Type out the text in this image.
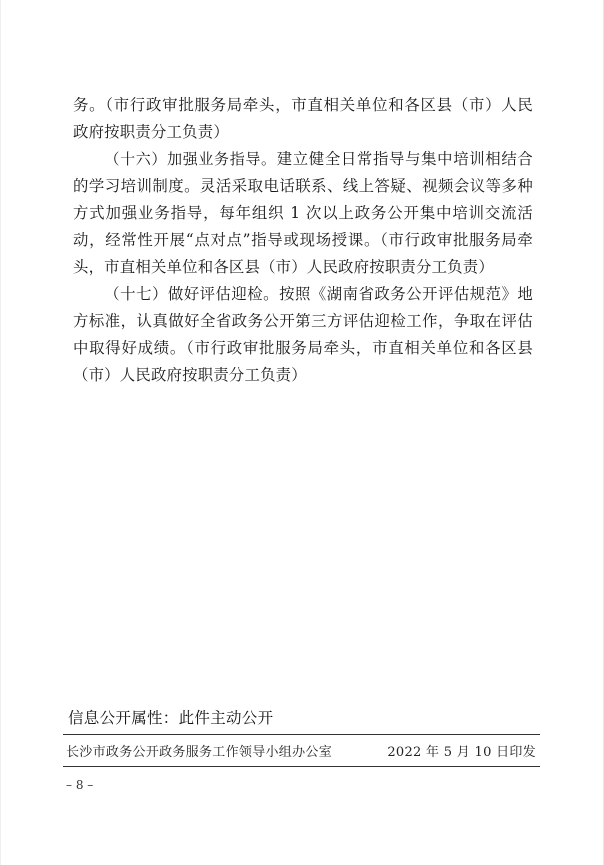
务。（市行政审批服务局牵头，市直相关单位和各区县（市）人民政府按职责分工负责）

（十六）加强业务指导。建立健全日常指导与集中培训相结合的学习培训制度。灵活采取电话联系、线上答疑、视频会议等多种方式加强业务指导，每年组织 1 次以上政务公开集中培训交流活动，经常性开展“点对点”指导或现场授课。（市行政审批服务局牵头，市直相关单位和各区县（市）人民政府按职责分工负责）

（十七）做好评估迎检。按照《湖南省政务公开评估规范》地方标准，认真做好全省政务公开第三方评估迎检工作，争取在评估中取得好成绩。（市行政审批服务局牵头，市直相关单位和各区县（市）人民政府按职责分工负责）

信息公开属性：此件主动公开
长沙市政务公开政务服务工作领导小组办公室	2022 年 5 月 10 日印发
– 8 –
